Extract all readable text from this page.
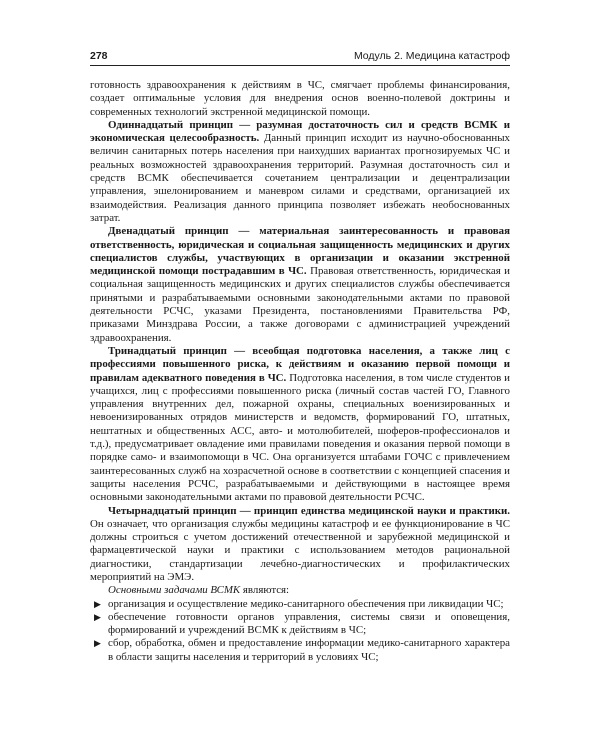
278	Модуль 2. Медицина катастроф

готовность здравоохранения к действиям в ЧС, смягчает проблемы финансирования, создает оптимальные условия для внедрения основ военно-полевой доктрины и современных технологий экстренной медицинской помощи.

Одиннадцатый принцип — разумная достаточность сил и средств ВСМК и экономическая целесообразность. Данный принцип исходит из научно-обоснованных величин санитарных потерь населения при наихудших вариантах прогнозируемых ЧС и реальных возможностей здравоохранения территорий. Разумная достаточность сил и средств ВСМК обеспечивается сочетанием централизации и децентрализации управления, эшелонированием и маневром силами и средствами, организацией их взаимодействия. Реализация данного принципа позволяет избежать необоснованных затрат.

Двенадцатый принцип — материальная заинтересованность и правовая ответственность, юридическая и социальная защищенность медицинских и других специалистов службы, участвующих в организации и оказании экстренной медицинской помощи пострадавшим в ЧС. Правовая ответственность, юридическая и социальная защищенность медицинских и других специалистов службы обеспечивается принятыми и разрабатываемыми основными законодательными актами по правовой деятельности РСЧС, указами Президента, постановлениями Правительства РФ, приказами Минздрава России, а также договорами с администрацией учреждений здравоохранения.

Тринадцатый принцип — всеобщая подготовка населения, а также лиц с профессиями повышенного риска, к действиям и оказанию первой помощи и правилам адекватного поведения в ЧС. Подготовка населения, в том числе студентов и учащихся, лиц с профессиями повышенного риска (личный состав частей ГО, Главного управления внутренних дел, пожарной охраны, специальных военизированных и невоенизированных отрядов министерств и ведомств, формирований ГО, штатных, нештатных и общественных АСС, авто- и мотолюбителей, шоферов-профессионалов и т.д.), предусматривает овладение ими правилами поведения и оказания первой помощи в порядке само- и взаимопомощи в ЧС. Она организуется штабами ГОЧС с привлечением заинтересованных служб на хозрасчетной основе в соответствии с концепцией спасения и защиты населения РСЧС, разрабатываемыми и действующими в настоящее время основными законодательными актами по правовой деятельности РСЧС.

Четырнадцатый принцип — принцип единства медицинской науки и практики. Он означает, что организация службы медицины катастроф и ее функционирование в ЧС должны строиться с учетом достижений отечественной и зарубежной медицинской и фармацевтической науки и практики с использованием методов рациональной диагностики, стандартизации лечебно-диагностических и профилактических мероприятий на ЭМЭ.

Основными задачами ВСМК являются:

▶ организация и осуществление медико-санитарного обеспечения при ликвидации ЧС;
▶ обеспечение готовности органов управления, системы связи и оповещения, формирований и учреждений ВСМК к действиям в ЧС;
▶ сбор, обработка, обмен и предоставление информации медико-санитарного характера в области защиты населения и территорий в условиях ЧС;
